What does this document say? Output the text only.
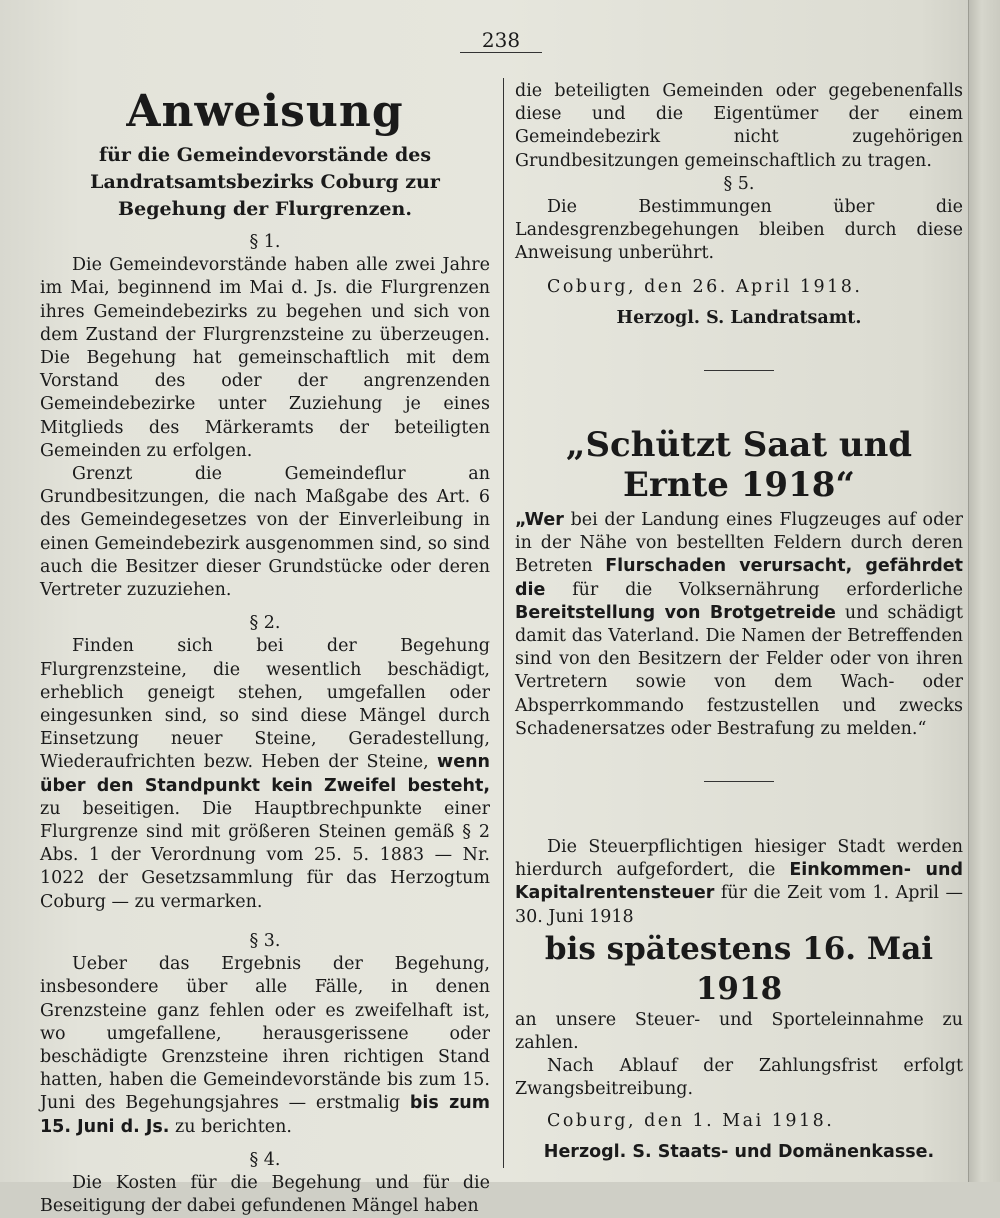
238
Anweisung
für die Gemeindevorstände des Landratsamtsbezirks Coburg zur Begehung der Flurgrenzen.
§ 1.

Die Gemeindevorstände haben alle zwei Jahre im Mai, beginnend im Mai d. Js. die Flurgrenzen ihres Gemeindebezirks zu begehen und sich von dem Zustand der Flurgrenzsteine zu überzeugen. Die Begehung hat gemeinschaftlich mit dem Vorstand des oder der angrenzenden Gemeindebezirke unter Zuziehung je eines Mitglieds des Märkeramts der beteiligten Gemeinden zu erfolgen.

Grenzt die Gemeindeflur an Grundbesitzungen, die nach Maßgabe des Art. 6 des Gemeindegesetzes von der Einverleibung in einen Gemeindebezirk ausgenommen sind, so sind auch die Besitzer dieser Grundstücke oder deren Vertreter zuzuziehen.

§ 2.

Finden sich bei der Begehung Flurgrenzsteine, die wesentlich beschädigt, erheblich geneigt stehen, umgefallen oder eingesunken sind, so sind diese Mängel durch Einsetzung neuer Steine, Geradestellung, Wiederaufrichten bezw. Heben der Steine, wenn über den Standpunkt kein Zweifel besteht, zu beseitigen. Die Hauptbrechpunkte einer Flurgrenze sind mit größeren Steinen gemäß § 2 Abs. 1 der Verordnung vom 25. 5. 1883 — Nr. 1022 der Gesetzsammlung für das Herzogtum Coburg — zu vermarken.

§ 3.

Ueber das Ergebnis der Begehung, insbesondere über alle Fälle, in denen Grenzsteine ganz fehlen oder es zweifelhaft ist, wo umgefallene, herausgerissene oder beschädigte Grenzsteine ihren richtigen Stand hatten, haben die Gemeindevorstände bis zum 15. Juni des Begehungsjahres — erstmalig bis zum 15. Juni d. Js. zu berichten.

§ 4.

Die Kosten für die Begehung und für die Beseitigung der dabei gefundenen Mängel haben

die beteiligten Gemeinden oder gegebenenfalls diese und die Eigentümer der einem Gemeindebezirk nicht zugehörigen Grundbesitzungen gemeinschaftlich zu tragen.

§ 5.

Die Bestimmungen über die Landesgrenzbegehungen bleiben durch diese Anweisung unberührt.

Coburg, den 26. April 1918.

Herzogl. S. Landratsamt.

„Schützt Saat und Ernte 1918“

„Wer bei der Landung eines Flugzeuges auf oder in der Nähe von bestellten Feldern durch deren Betreten Flurschaden verursacht, gefährdet die für die Volksernährung erforderliche Bereitstellung von Brotgetreide und schädigt damit das Vaterland. Die Namen der Betreffenden sind von den Besitzern der Felder oder von ihren Vertretern sowie von dem Wach- oder Absperrkommando festzustellen und zwecks Schadenersatzes oder Bestrafung zu melden.“

Die Steuerpflichtigen hiesiger Stadt werden hierdurch aufgefordert, die Einkommen- und Kapitalrentensteuer für die Zeit vom 1. April — 30. Juni 1918

bis spätestens 16. Mai 1918

an unsere Steuer- und Sporteleinnahme zu zahlen.

Nach Ablauf der Zahlungsfrist erfolgt Zwangsbeitreibung.

Coburg, den 1. Mai 1918.

Herzogl. S. Staats- und Domänenkasse.
